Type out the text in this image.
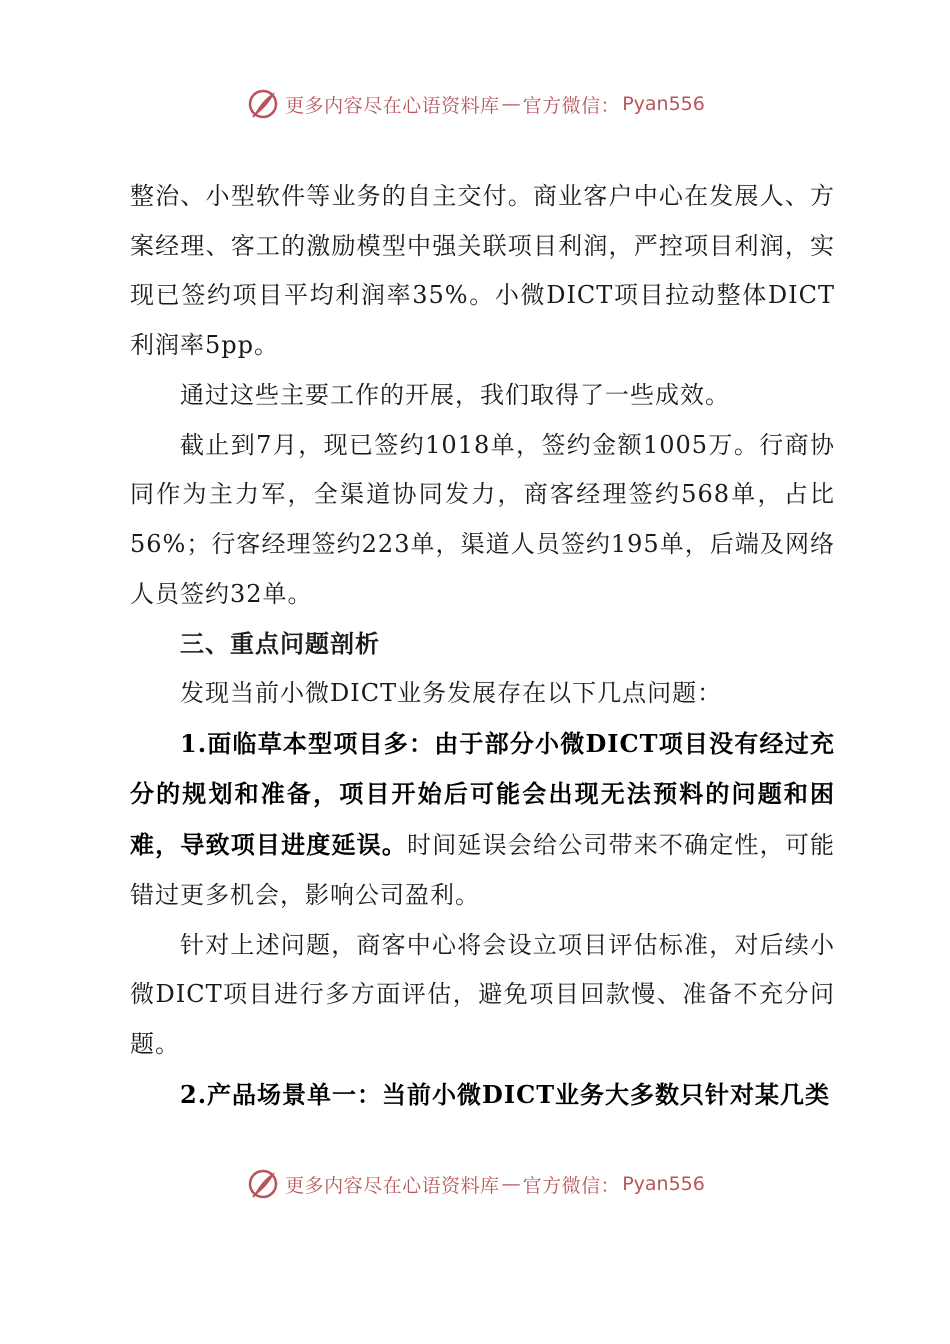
更多内容尽在心语资料库 — 官方微信： Pyan556

整治、小型软件等业务的自主交付。商业客户中心在发展人、方案经理、客工的激励模型中强关联项目利润，严控项目利润，实现已签约项目平均利润率35%。小微DICT项目拉动整体DICT利润率5pp。

通过这些主要工作的开展，我们取得了一些成效。

截止到7月，现已签约1018单，签约金额1005万。行商协同作为主力军，全渠道协同发力，商客经理签约568单，占比56%；行客经理签约223单，渠道人员签约195单，后端及网络人员签约32单。

三、重点问题剖析

发现当前小微DICT业务发展存在以下几点问题：

1.面临草本型项目多：由于部分小微DICT项目没有经过充分的规划和准备，项目开始后可能会出现无法预料的问题和困难，导致项目进度延误。时间延误会给公司带来不确定性，可能错过更多机会，影响公司盈利。

针对上述问题，商客中心将会设立项目评估标准，对后续小微DICT项目进行多方面评估，避免项目回款慢、准备不充分问题。

2.产品场景单一：当前小微DICT业务大多数只针对某几类

更多内容尽在心语资料库 — 官方微信： Pyan556
